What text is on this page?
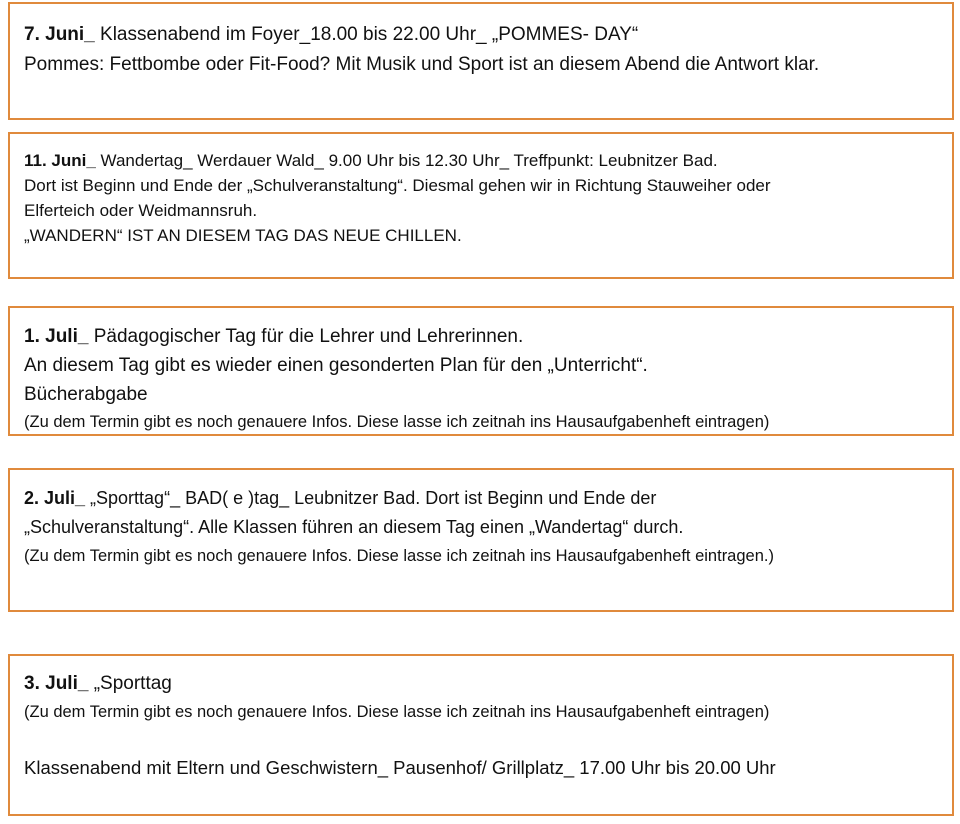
7. Juni_ Klassenabend im Foyer_18.00 bis 22.00 Uhr_ „POMMES- DAY“
Pommes: Fettbombe oder Fit-Food? Mit Musik und Sport ist an diesem Abend die Antwort klar.
11. Juni_ Wandertag_ Werdauer Wald_ 9.00 Uhr bis 12.30 Uhr_ Treffpunkt: Leubnitzer Bad.
Dort ist Beginn und Ende der „Schulveranstaltung“. Diesmal gehen wir in Richtung Stauweiher oder
Elferteich oder Weidmannsruh.
„WANDERN“ IST AN DIESEM TAG DAS NEUE CHILLEN.
1. Juli_ Pädagogischer Tag für die Lehrer und Lehrerinnen.
An diesem Tag gibt es wieder einen gesonderten Plan für den „Unterricht“.
Bücherabgabe
(Zu dem Termin gibt es noch genauere Infos. Diese lasse ich zeitnah ins Hausaufgabenheft eintragen)
2. Juli_ „Sporttag“_ BAD( e )tag_ Leubnitzer Bad. Dort ist Beginn und Ende der
„Schulveranstaltung“. Alle Klassen führen an diesem Tag einen „Wandertag“ durch.
(Zu dem Termin gibt es noch genauere Infos. Diese lasse ich zeitnah ins Hausaufgabenheft eintragen.)
3. Juli_ „Sporttag
(Zu dem Termin gibt es noch genauere Infos. Diese lasse ich zeitnah ins Hausaufgabenheft eintragen)
Klassenabend mit Eltern und Geschwistern_ Pausenhof/ Grillplatz_ 17.00 Uhr bis 20.00 Uhr
